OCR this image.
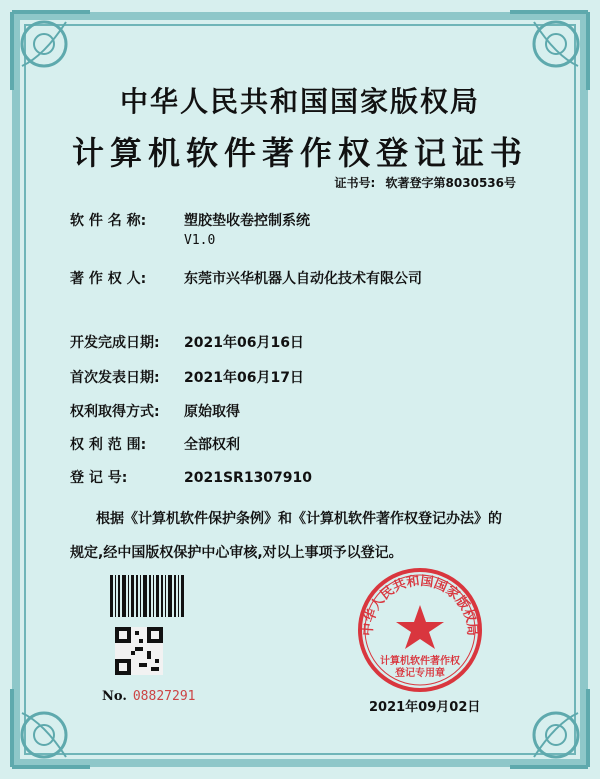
中华人民共和国国家版权局
计算机软件著作权登记证书
证书号: 软著登字第8030536号
软 件 名 称:	塑胶垫收卷控制系统
V1.0
著 作 权 人:	东莞市兴华机器人自动化技术有限公司
开发完成日期: 2021年06月16日
首次发表日期: 2021年06月17日
权利取得方式: 原始取得
权 利 范 围:	全部权利
登 记 号:	2021SR1307910
根据《计算机软件保护条例》和《计算机软件著作权登记办法》的
规定,经中国版权保护中心审核,对以上事项予以登记。
No. 08827291
中华人民共和国国家版权局
计算机软件著作权
登记专用章
2021年09月02日
